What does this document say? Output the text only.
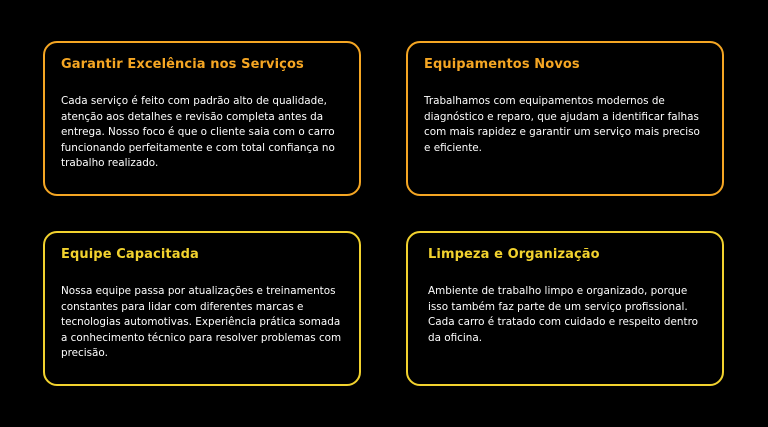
Garantir Excelência nos Serviços

Cada serviço é feito com padrão alto de qualidade, atenção aos detalhes e revisão completa antes da entrega. Nosso foco é que o cliente saia com o carro funcionando perfeitamente e com total confiança no trabalho realizado.

Equipamentos Novos

Trabalhamos com equipamentos modernos de diagnóstico e reparo, que ajudam a identificar falhas com mais rapidez e garantir um serviço mais preciso e eficiente.

Equipe Capacitada

Nossa equipe passa por atualizações e treinamentos constantes para lidar com diferentes marcas e tecnologias automotivas. Experiência prática somada a conhecimento técnico para resolver problemas com precisão.

Limpeza e Organização

Ambiente de trabalho limpo e organizado, porque isso também faz parte de um serviço profissional. Cada carro é tratado com cuidado e respeito dentro da oficina.
